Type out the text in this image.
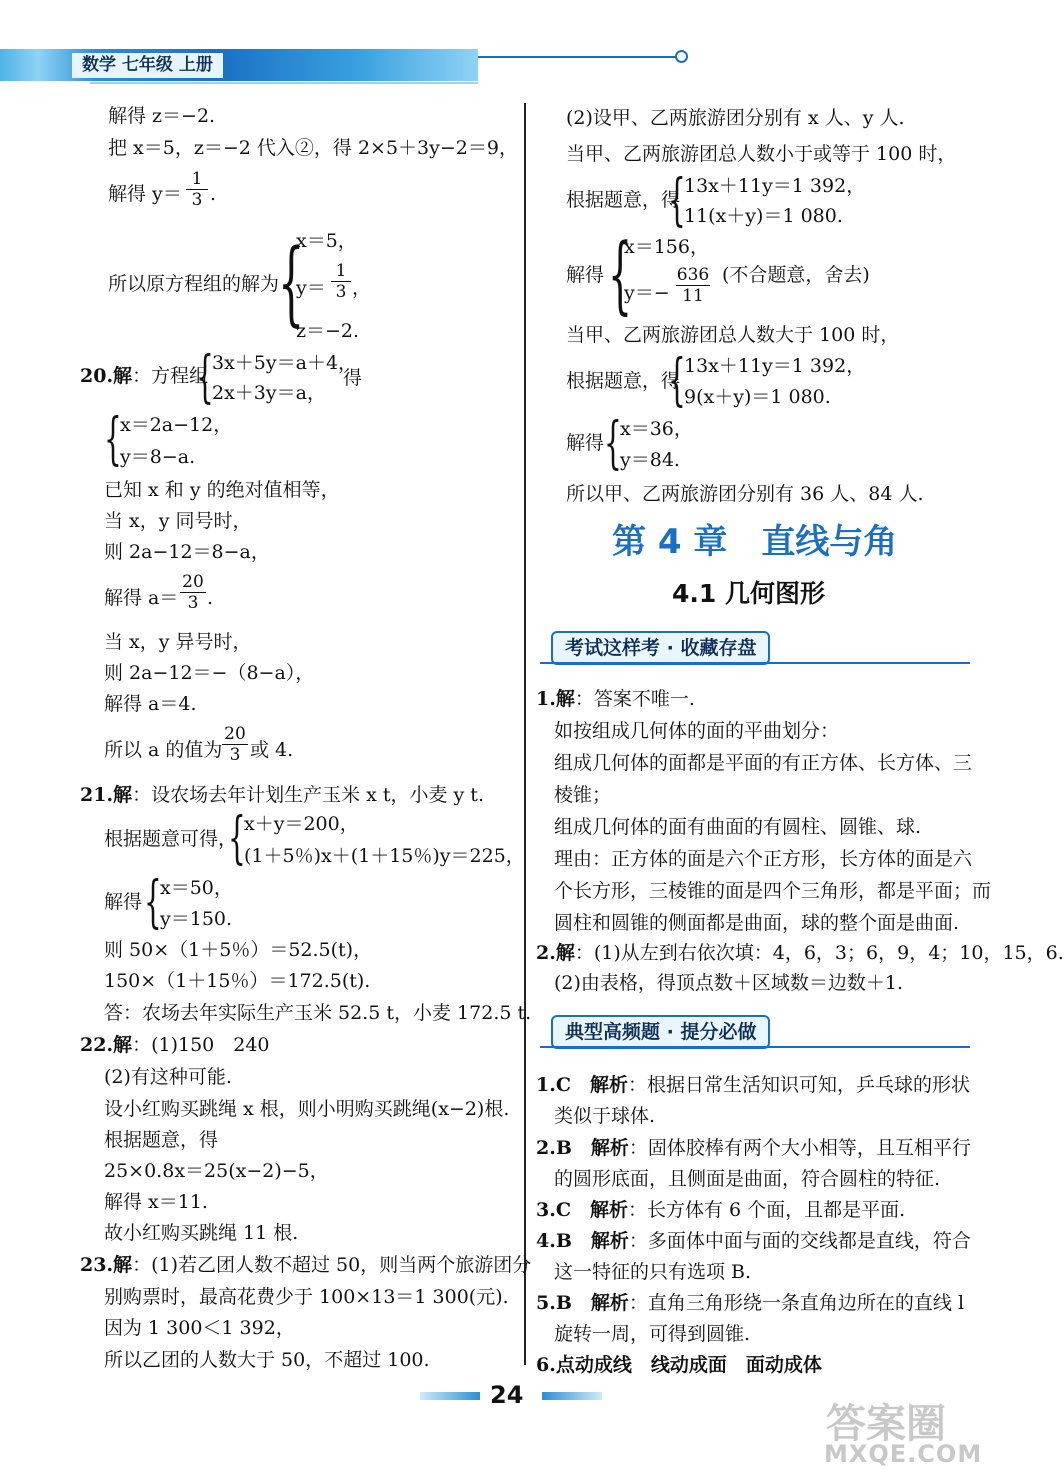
数学 七年级 上册
解得 z＝−2.
把 x＝5，z＝−2 代入②，得 2×5＋3y−2＝9，
解得 y＝
1
3 .
所以原方程组的解为
{
x＝5，
y＝
1
3 ，
z＝−2.
20.解：方程组
{
3x＋5y＝a＋4，
2x＋3y＝a，
得
{
x＝2a−12，
y＝8−a.
已知 x 和 y 的绝对值相等，
当 x，y 同号时，
则 2a−12＝8−a，
解得 a＝
20
3 .
当 x，y 异号时，
则 2a−12＝−（8−a），
解得 a＝4.
所以 a 的值为
20
3 或 4.
21.解：设农场去年计划生产玉米 x t，小麦 y t.
根据题意可得，
{
x＋y＝200，
(1＋5％)x＋(1＋15％)y＝225，
解得 {
x＝50，
y＝150.
则 50×（1＋5％）＝52.5(t)，
150×（1＋15％）＝172.5(t).
答：农场去年实际生产玉米 52.5 t，小麦 172.5 t.
22.解：(1)150　240
(2)有这种可能.
设小红购买跳绳 x 根，则小明购买跳绳(x−2)根.
根据题意，得
25×0.8x＝25(x−2)−5，
解得 x＝11.
故小红购买跳绳 11 根.
23.解：(1)若乙团人数不超过 50，则当两个旅游团分
别购票时，最高花费少于 100×13＝1 300(元).
因为 1 300＜1 392，
所以乙团的人数大于 50，不超过 100.
(2)设甲、乙两旅游团分别有 x 人、y 人.
当甲、乙两旅游团总人数小于或等于 100 时，
根据题意，得
{
13x＋11y＝1 392，
11(x＋y)＝1 080.
解得 {
x＝156，
y＝−
636
11
(不合题意，舍去)
当甲、乙两旅游团总人数大于 100 时，
根据题意，得
{
13x＋11y＝1 392，
9(x＋y)＝1 080.
解得 {
x＝36，
y＝84.
所以甲、乙两旅游团分别有 36 人、84 人.
第 4 章　直线与角
4.1 几何图形
考试这样考 · 收藏存盘
1.解：答案不唯一.
如按组成几何体的面的平曲划分：
组成几何体的面都是平面的有正方体、长方体、三
棱锥；
组成几何体的面有曲面的有圆柱、圆锥、球.
理由：正方体的面是六个正方形，长方体的面是六
个长方形，三棱锥的面是四个三角形，都是平面；而
圆柱和圆锥的侧面都是曲面，球的整个面是曲面.
2.解：(1)从左到右依次填：4，6，3；6，9，4；10，15，6.
(2)由表格，得顶点数＋区域数＝边数＋1.
典型高频题 · 提分必做
1.C　解析：根据日常生活知识可知，乒乓球的形状
类似于球体.
2.B　解析：固体胶棒有两个大小相等，且互相平行
的圆形底面，且侧面是曲面，符合圆柱的特征.
3.C　解析：长方体有 6 个面，且都是平面.
4.B　解析：多面体中面与面的交线都是直线，符合
这一特征的只有选项 B.
5.B　解析：直角三角形绕一条直角边所在的直线 l
旋转一周，可得到圆锥.
6.点动成线　线动成面　面动成体
24
答案圈
MXQE.COM
